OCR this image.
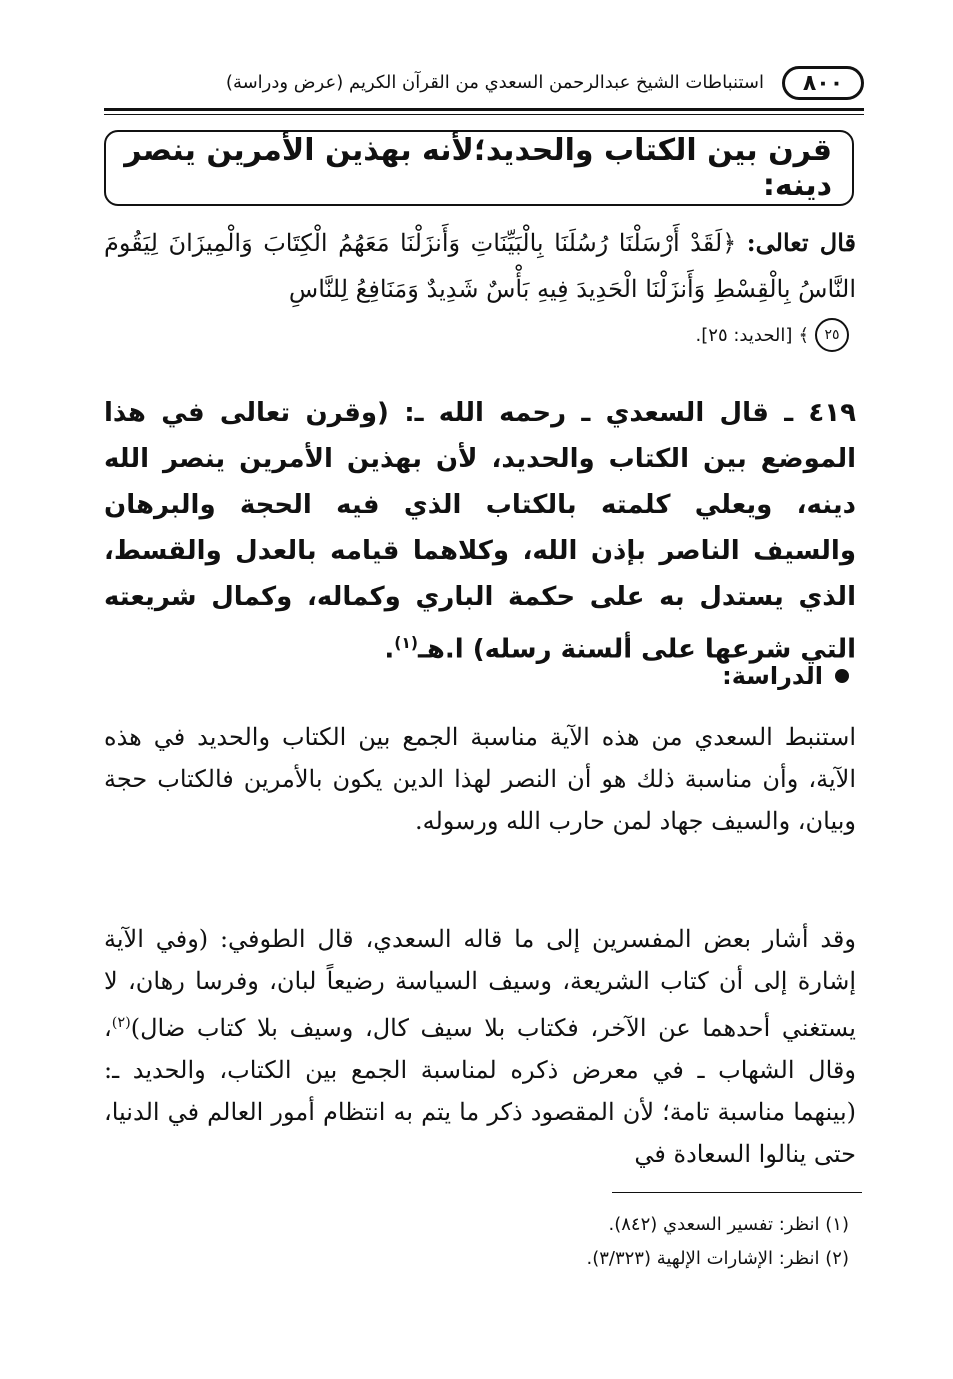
٨٠٠
استنباطات الشيخ عبدالرحمن السعدي من القرآن الكريم (عرض ودراسة)
قرن بين الكتاب والحديد؛لأنه بهذين الأمرين ينصر دينه:
قال تعالى: ﴿لَقَدْ أَرْسَلْنَا رُسُلَنَا بِالْبَيِّنَاتِ وَأَنزَلْنَا مَعَهُمُ الْكِتَابَ وَالْمِيزَانَ لِيَقُومَ النَّاسُ بِالْقِسْطِ وَأَنزَلْنَا الْحَدِيدَ فِيهِ بَأْسٌ شَدِيدٌ وَمَنَافِعُ لِلنَّاسِ
٢٥
﴾
[الحديد: ٢٥].
٤١٩ ـ قال السعدي ـ رحمه الله ـ: (وقرن تعالى في هذا الموضع بين الكتاب والحديد، لأن بهذين الأمرين ينصر الله دينه، ويعلي كلمته بالكتاب الذي فيه الحجة والبرهان والسيف الناصر بإذن الله، وكلاهما قيامه بالعدل والقسط، الذي يستدل به على حكمة الباري وكماله، وكمال شريعته التي شرعها على ألسنة رسله) ا.هـ$^{(١)}$.
الدراسة:
استنبط السعدي من هذه الآية مناسبة الجمع بين الكتاب والحديد في هذه الآية، وأن مناسبة ذلك هو أن النصر لهذا الدين يكون بالأمرين فالكتاب حجة وبيان، والسيف جهاد لمن حارب الله ورسوله.
وقد أشار بعض المفسرين إلى ما قاله السعدي، قال الطوفي: (وفي الآية إشارة إلى أن كتاب الشريعة، وسيف السياسة رضيعاً لبان، وفرسا رهان، لا يستغني أحدهما عن الآخر، فكتاب بلا سيف كال، وسيف بلا كتاب ضال)$^{(٢)}$، وقال الشهاب ـ في معرض ذكره لمناسبة الجمع بين الكتاب، والحديد ـ: (بينهما مناسبة تامة؛ لأن المقصود ذكر ما يتم به انتظام أمور العالم في الدنيا، حتى ينالوا السعادة في
(١) انظر: تفسير السعدي (٨٤٢).
(٢) انظر: الإشارات الإلهية (٣/٣٢٣).
